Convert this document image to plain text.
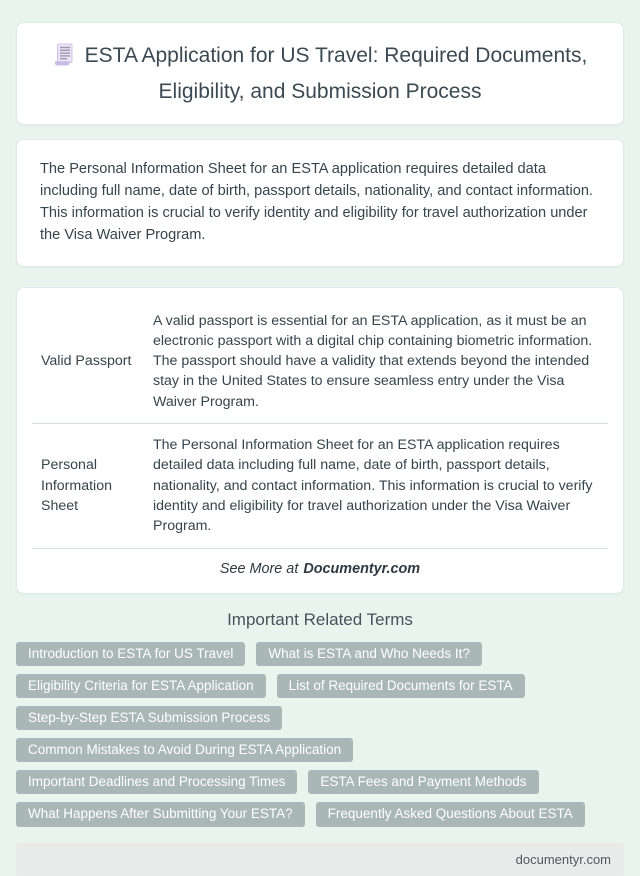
ESTA Application for US Travel: Required Documents, Eligibility, and Submission Process

The Personal Information Sheet for an ESTA application requires detailed data including full name, date of birth, passport details, nationality, and contact information. This information is crucial to verify identity and eligibility for travel authorization under the Visa Waiver Program.

Valid Passport	A valid passport is essential for an ESTA application, as it must be an electronic passport with a digital chip containing biometric information. The passport should have a validity that extends beyond the intended stay in the United States to ensure seamless entry under the Visa Waiver Program.
Personal Information Sheet	The Personal Information Sheet for an ESTA application requires detailed data including full name, date of birth, passport details, nationality, and contact information. This information is crucial to verify identity and eligibility for travel authorization under the Visa Waiver Program.
See More at Documentyr.com
Important Related Terms
Introduction to ESTA for US Travel	What is ESTA and Who Needs It?
Eligibility Criteria for ESTA Application	List of Required Documents for ESTA
Step-by-Step ESTA Submission Process
Common Mistakes to Avoid During ESTA Application
Important Deadlines and Processing Times	ESTA Fees and Payment Methods
What Happens After Submitting Your ESTA?	Frequently Asked Questions About ESTA
documentyr.com
